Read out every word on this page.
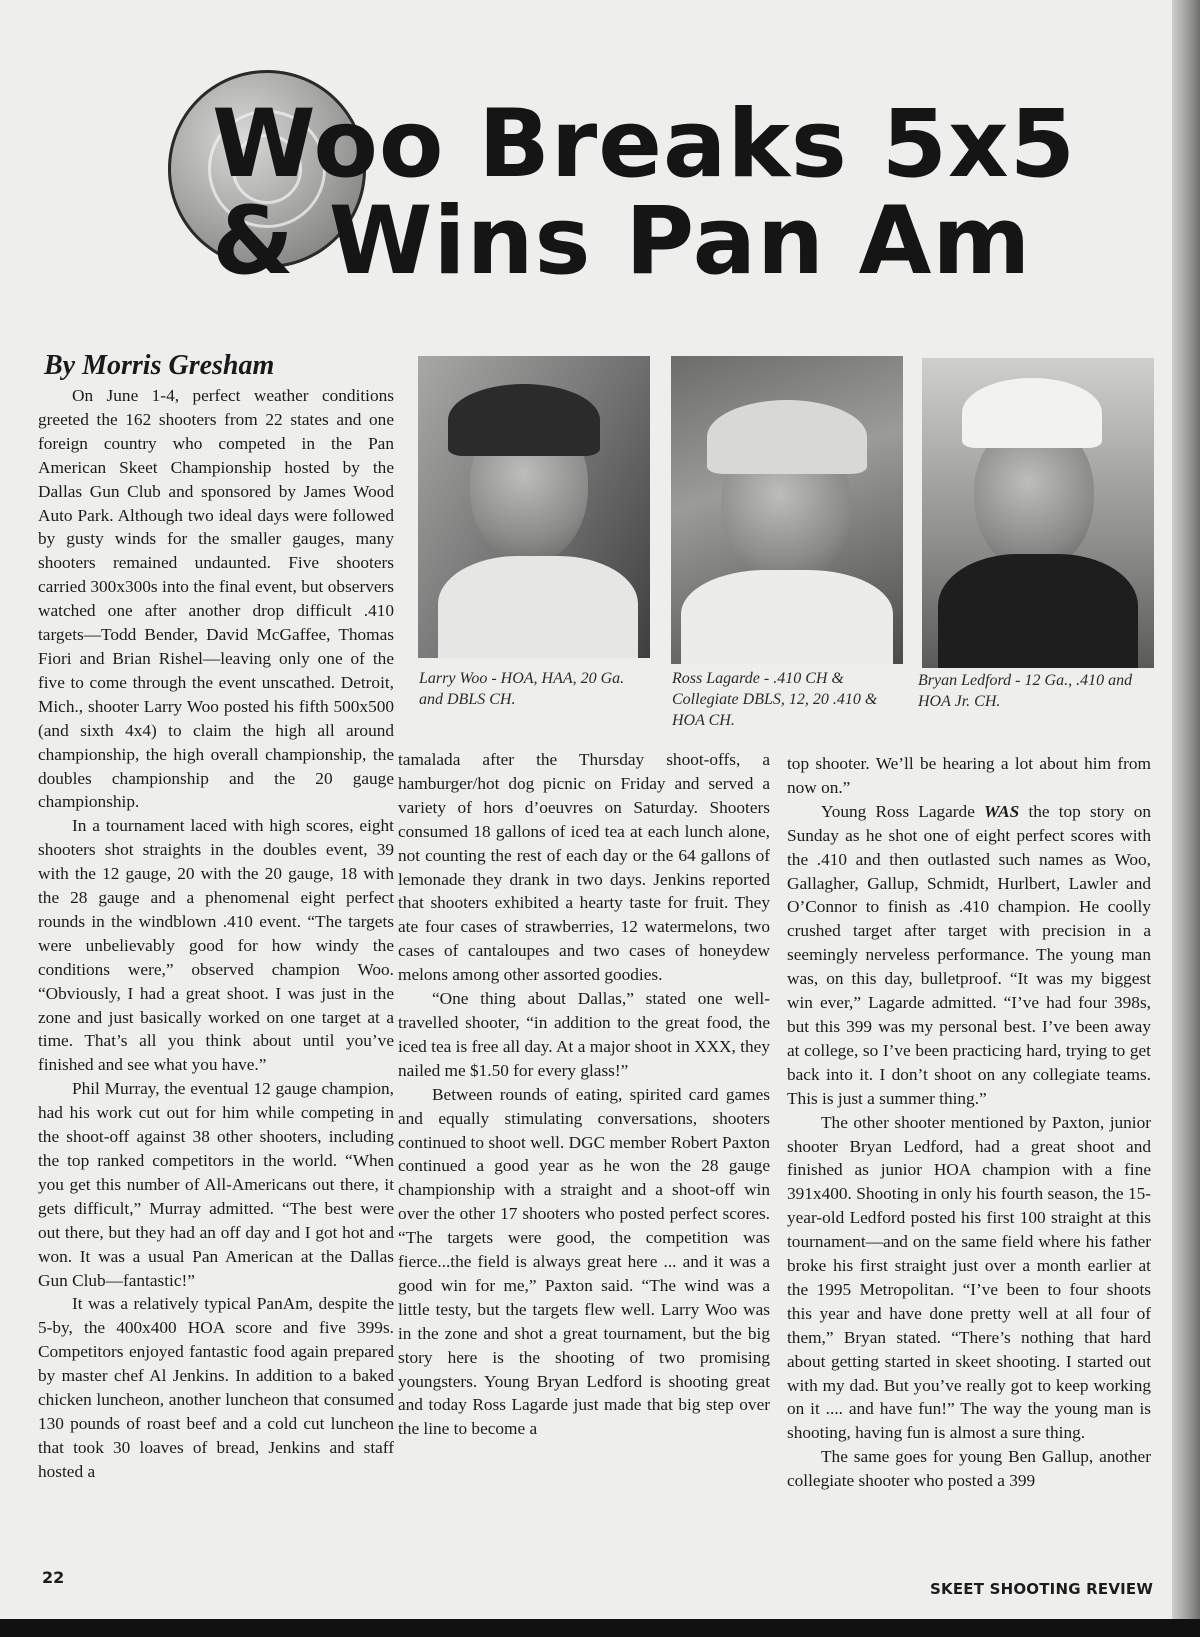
Woo Breaks 5x5
& Wins Pan Am

By Morris Gresham

On June 1-4, perfect weather conditions greeted the 162 shooters from 22 states and one foreign country who competed in the Pan American Skeet Championship hosted by the Dallas Gun Club and sponsored by James Wood Auto Park. Although two ideal days were followed by gusty winds for the smaller gauges, many shooters remained undaunted. Five shooters carried 300x300s into the final event, but observers watched one after another drop difficult .410 targets—Todd Bender, David McGaffee, Thomas Fiori and Brian Rishel—leaving only one of the five to come through the event unscathed. Detroit, Mich., shooter Larry Woo posted his fifth 500x500 (and sixth 4x4) to claim the high all around championship, the high overall championship, the doubles championship and the 20 gauge championship.

In a tournament laced with high scores, eight shooters shot straights in the doubles event, 39 with the 12 gauge, 20 with the 20 gauge, 18 with the 28 gauge and a phenomenal eight perfect rounds in the windblown .410 event. “The targets were unbelievably good for how windy the conditions were,” observed champion Woo. “Obviously, I had a great shoot. I was just in the zone and just basically worked on one target at a time. That’s all you think about until you’ve finished and see what you have.”

Phil Murray, the eventual 12 gauge champion, had his work cut out for him while competing in the shoot-off against 38 other shooters, including the top ranked competitors in the world. “When you get this number of All-Americans out there, it gets difficult,” Murray admitted. “The best were out there, but they had an off day and I got hot and won. It was a usual Pan American at the Dallas Gun Club—fantastic!”

It was a relatively typical PanAm, despite the 5-by, the 400x400 HOA score and five 399s. Competitors enjoyed fantastic food again prepared by master chef Al Jenkins. In addition to a baked chicken luncheon, another luncheon that consumed 130 pounds of roast beef and a cold cut luncheon that took 30 loaves of bread, Jenkins and staff hosted a

Larry Woo - HOA, HAA, 20 Ga. and DBLS CH.

Ross Lagarde - .410 CH & Collegiate DBLS, 12, 20 .410 & HOA CH.

Bryan Ledford - 12 Ga., .410 and HOA Jr. CH.

tamalada after the Thursday shoot-offs, a hamburger/hot dog picnic on Friday and served a variety of hors d’oeuvres on Saturday. Shooters consumed 18 gallons of iced tea at each lunch alone, not counting the rest of each day or the 64 gallons of lemonade they drank in two days. Jenkins reported that shooters exhibited a hearty taste for fruit. They ate four cases of strawberries, 12 watermelons, two cases of cantaloupes and two cases of honeydew melons among other assorted goodies.

“One thing about Dallas,” stated one well-travelled shooter, “in addition to the great food, the iced tea is free all day. At a major shoot in XXX, they nailed me $1.50 for every glass!”

Between rounds of eating, spirited card games and equally stimulating conversations, shooters continued to shoot well. DGC member Robert Paxton continued a good year as he won the 28 gauge championship with a straight and a shoot-off win over the other 17 shooters who posted perfect scores. “The targets were good, the competition was fierce...the field is always great here ... and it was a good win for me,” Paxton said. “The wind was a little testy, but the targets flew well. Larry Woo was in the zone and shot a great tournament, but the big story here is the shooting of two promising youngsters. Young Bryan Ledford is shooting great and today Ross Lagarde just made that big step over the line to become a

top shooter. We’ll be hearing a lot about him from now on.”

Young Ross Lagarde WAS the top story on Sunday as he shot one of eight perfect scores with the .410 and then outlasted such names as Woo, Gallagher, Gallup, Schmidt, Hurlbert, Lawler and O’Connor to finish as .410 champion. He coolly crushed target after target with precision in a seemingly nerveless performance. The young man was, on this day, bulletproof. “It was my biggest win ever,” Lagarde admitted. “I’ve had four 398s, but this 399 was my personal best. I’ve been away at college, so I’ve been practicing hard, trying to get back into it. I don’t shoot on any collegiate teams. This is just a summer thing.”

The other shooter mentioned by Paxton, junior shooter Bryan Ledford, had a great shoot and finished as junior HOA champion with a fine 391x400. Shooting in only his fourth season, the 15-year-old Ledford posted his first 100 straight at this tournament—and on the same field where his father broke his first straight just over a month earlier at the 1995 Metropolitan. “I’ve been to four shoots this year and have done pretty well at all four of them,” Bryan stated. “There’s nothing that hard about getting started in skeet shooting. I started out with my dad. But you’ve really got to keep working on it .... and have fun!” The way the young man is shooting, having fun is almost a sure thing.

The same goes for young Ben Gallup, another collegiate shooter who posted a 399

22

SKEET SHOOTING REVIEW
